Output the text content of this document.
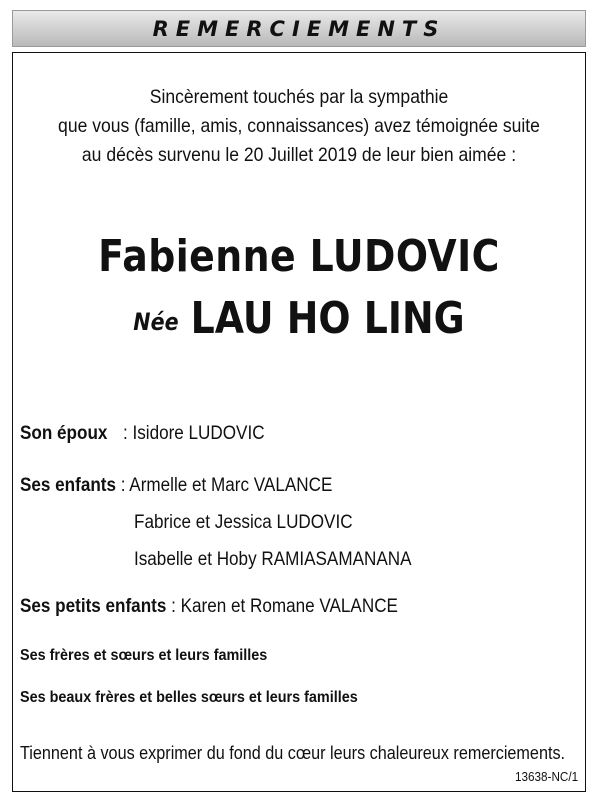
REMERCIEMENTS
Sincèrement touchés par la sympathie
que vous (famille, amis, connaissances) avez témoignée suite
au décès survenu le 20 Juillet 2019 de leur bien aimée :
Fabienne LUDOVIC
Née LAU HO LING
Son époux : Isidore LUDOVIC
Ses enfants : Armelle et Marc VALANCE
Fabrice et Jessica LUDOVIC
Isabelle et Hoby RAMIASAMANANA
Ses petits enfants : Karen et Romane VALANCE
Ses frères et sœurs et leurs familles
Ses beaux frères et belles sœurs et leurs familles
Tiennent à vous exprimer du fond du cœur leurs chaleureux remerciements.
13638-NC/1
